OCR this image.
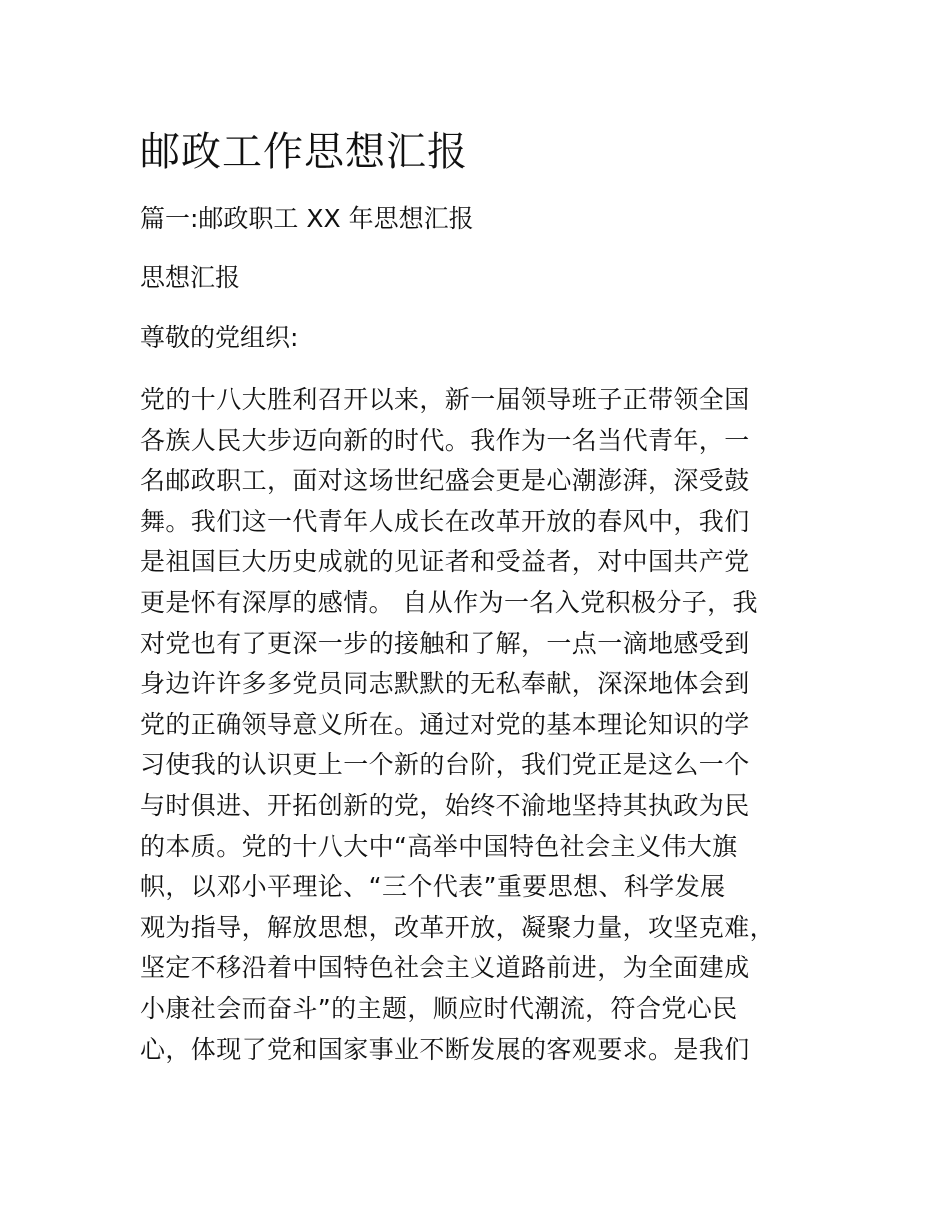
邮政工作思想汇报

篇一:邮政职工 XX 年思想汇报

思想汇报

尊敬的党组织:

党的十八大胜利召开以来，新一届领导班子正带领全国
各族人民大步迈向新的时代。我作为一名当代青年，一
名邮政职工，面对这场世纪盛会更是心潮澎湃，深受鼓
舞。我们这一代青年人成长在改革开放的春风中，我们
是祖国巨大历史成就的见证者和受益者，对中国共产党
更是怀有深厚的感情。 自从作为一名入党积极分子，我
对党也有了更深一步的接触和了解，一点一滴地感受到
身边许许多多党员同志默默的无私奉献，深深地体会到
党的正确领导意义所在。通过对党的基本理论知识的学
习使我的认识更上一个新的台阶，我们党正是这么一个
与时俱进、开拓创新的党，始终不渝地坚持其执政为民
的本质。党的十八大中“高举中国特色社会主义伟大旗
帜，以邓小平理论、“三个代表”重要思想、科学发展
观为指导，解放思想，改革开放，凝聚力量，攻坚克难，
坚定不移沿着中国特色社会主义道路前进，为全面建成
小康社会而奋斗”的主题，顺应时代潮流，符合党心民
心，体现了党和国家事业不断发展的客观要求。是我们
